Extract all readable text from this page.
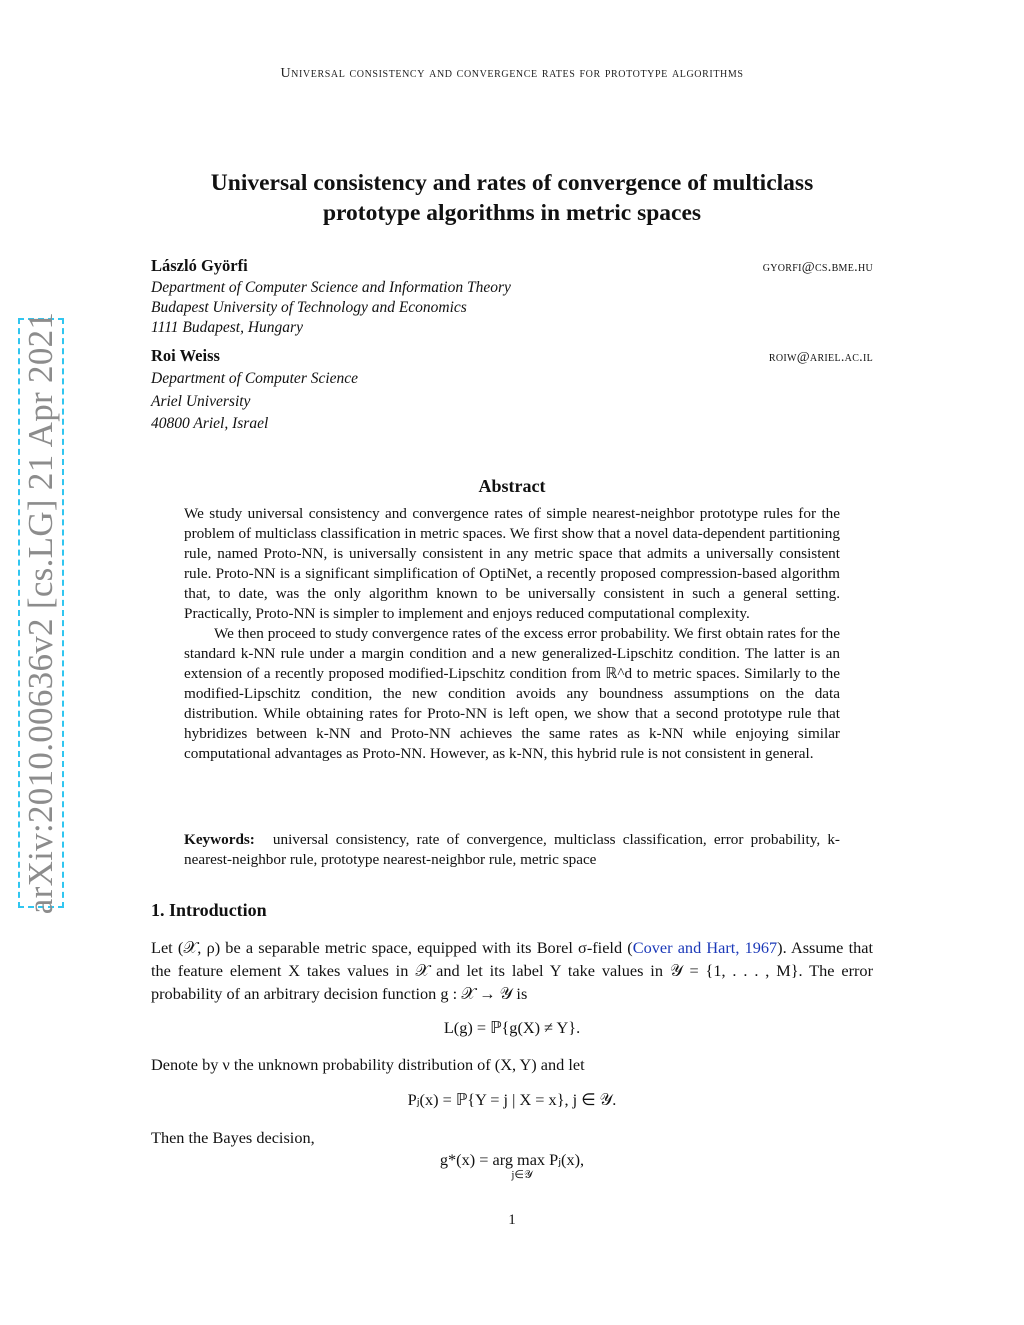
Universal consistency and convergence rates for prototype algorithms
arXiv:2010.00636v2 [cs.LG] 21 Apr 2021
Universal consistency and rates of convergence of multiclass
prototype algorithms in metric spaces
László Györfi	gyorfi@cs.bme.hu
Department of Computer Science and Information Theory
Budapest University of Technology and Economics
1111 Budapest, Hungary
Roi Weiss	roiw@ariel.ac.il
Department of Computer Science
Ariel University
40800 Ariel, Israel
Abstract

We study universal consistency and convergence rates of simple nearest-neighbor prototype rules for the problem of multiclass classification in metric spaces. We first show that a novel data-dependent partitioning rule, named Proto-NN, is universally consistent in any metric space that admits a universally consistent rule. Proto-NN is a significant simplification of OptiNet, a recently proposed compression-based algorithm that, to date, was the only algorithm known to be universally consistent in such a general setting. Practically, Proto-NN is simpler to implement and enjoys reduced computational complexity.

We then proceed to study convergence rates of the excess error probability. We first obtain rates for the standard k-NN rule under a margin condition and a new generalized-Lipschitz condition. The latter is an extension of a recently proposed modified-Lipschitz condition from ℝ^d to metric spaces. Similarly to the modified-Lipschitz condition, the new condition avoids any boundness assumptions on the data distribution. While obtaining rates for Proto-NN is left open, we show that a second prototype rule that hybridizes between k-NN and Proto-NN achieves the same rates as k-NN while enjoying similar computational advantages as Proto-NN. However, as k-NN, this hybrid rule is not consistent in general.

Keywords: universal consistency, rate of convergence, multiclass classification, error probability, k-nearest-neighbor rule, prototype nearest-neighbor rule, metric space
1. Introduction
Let (𝒳, ρ) be a separable metric space, equipped with its Borel σ-field (Cover and Hart, 1967). Assume that the feature element X takes values in 𝒳 and let its label Y take values in 𝒴 = {1, . . . , M}. The error probability of an arbitrary decision function g : 𝒳 → 𝒴 is
L(g) = ℙ{g(X) ≠ Y}.
Denote by ν the unknown probability distribution of (X, Y) and let
Pⱼ(x) = ℙ{Y = j | X = x}, j ∈ 𝒴.
Then the Bayes decision,
g*(x) = arg max Pⱼ(x),
j∈𝒴
1
